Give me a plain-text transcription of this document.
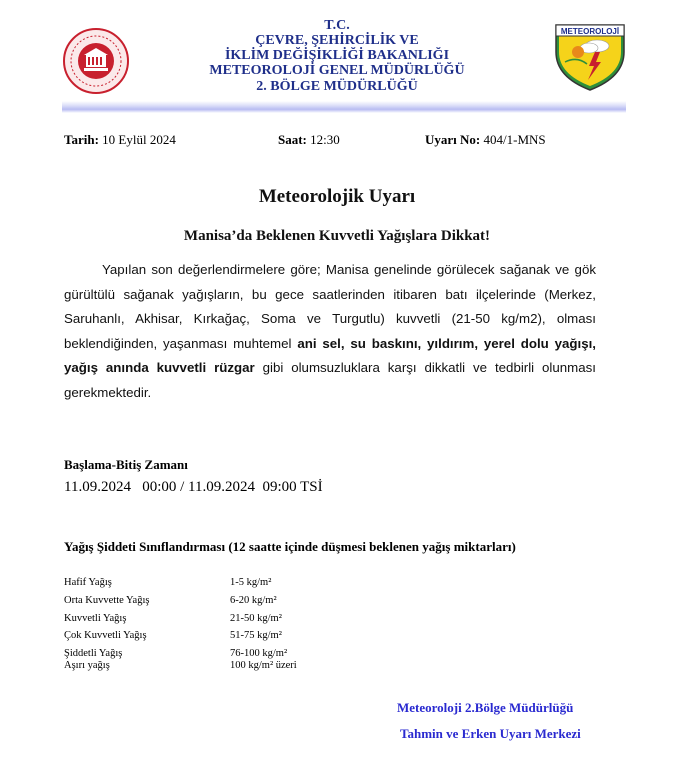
T.C.
ÇEVRE, ŞEHİRCİLİK VE
İKLİM DEĞİŞİKLİĞİ BAKANLIĞI
METEOROLOJİ GENEL MÜDÜRLÜĞÜ
2. BÖLGE MÜDÜRLÜĞÜ
METEOROLOJİ
Tarih: 10 Eylül 2024	Saat: 12:30	Uyarı No: 404/1-MNS
Meteorolojik Uyarı
Manisa’da Beklenen Kuvvetli Yağışlara Dikkat!
Yapılan son değerlendirmelere göre; Manisa genelinde görülecek sağanak ve gök gürültülü sağanak yağışların, bu gece saatlerinden itibaren batı ilçelerinde (Merkez, Saruhanlı, Akhisar, Kırkağaç, Soma ve Turgutlu) kuvvetli (21-50 kg/m2), olması beklendiğinden, yaşanması muhtemel ani sel, su baskını, yıldırım, yerel dolu yağışı, yağış anında kuvvetli rüzgar gibi olumsuzluklara karşı dikkatli ve tedbirli olunması gerekmektedir.
Başlama-Bitiş Zamanı
11.09.2024   00:00 / 11.09.2024  09:00 TSİ
Yağış Şiddeti Sınıflandırması (12 saatte içinde düşmesi beklenen yağış miktarları)
Hafif Yağış	1-5 kg/m²
Orta Kuvvette Yağış	6-20 kg/m²
Kuvvetli Yağış	21-50 kg/m²
Çok Kuvvetli Yağış	51-75 kg/m²
Şiddetli Yağış	76-100 kg/m²
Aşırı yağış	100 kg/m² üzeri
Meteoroloji 2.Bölge Müdürlüğü
Tahmin ve Erken Uyarı Merkezi
